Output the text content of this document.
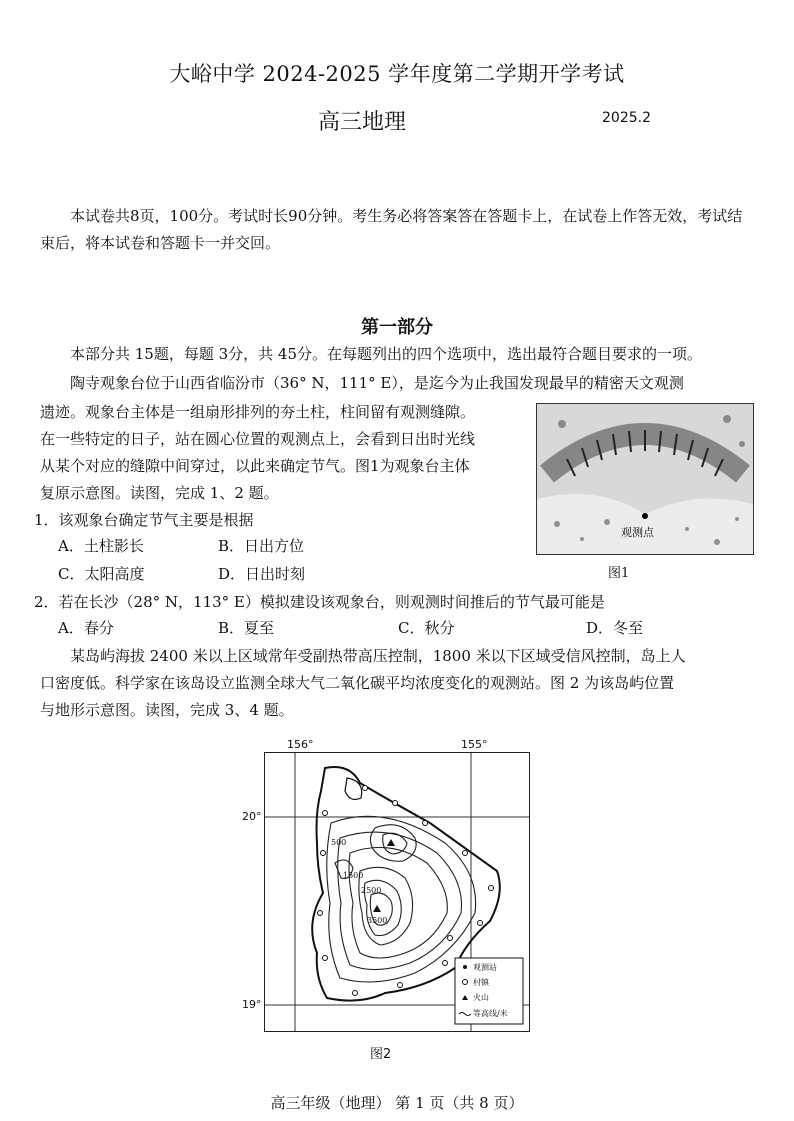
大峪中学 2024-2025 学年度第二学期开学考试
高三地理	2025.2
本试卷共8页，100分。考试时长90分钟。考生务必将答案答在答题卡上，在试卷上作答无效，考试结束后，将本试卷和答题卡一并交回。
第一部分
本部分共 15题，每题 3分，共 45分。在每题列出的四个选项中，选出最符合题目要求的一项。
陶寺观象台位于山西省临汾市（36° N，111° E），是迄今为止我国发现最早的精密天文观测
遗迹。观象台主体是一组扇形排列的夯土柱，柱间留有观测缝隙。
在一些特定的日子，站在圆心位置的观测点上，会看到日出时光线
从某个对应的缝隙中间穿过，以此来确定节气。图1为观象台主体
复原示意图。读图，完成 1、2 题。
观测点
图1
1．该观象台确定节气主要是根据
A．土柱影长	B．日出方位
C．太阳高度	D．日出时刻
2．若在长沙（28° N，113° E）模拟建设该观象台，则观测时间推后的节气最可能是
A．春分	B．夏至	C．秋分	D．冬至
某岛屿海拔 2400 米以上区域常年受副热带高压控制，1800 米以下区域受信风控制，岛上人
口密度低。科学家在该岛设立监测全球大气二氧化碳平均浓度变化的观测站。图 2 为该岛屿位置
与地形示意图。读图，完成 3、4 题。
156°	155°
20°
19°
500
1500
2500
3500
观测站
村镇
火山
等高线/米
图2
高三年级（地理） 第 1 页（共 8 页）
